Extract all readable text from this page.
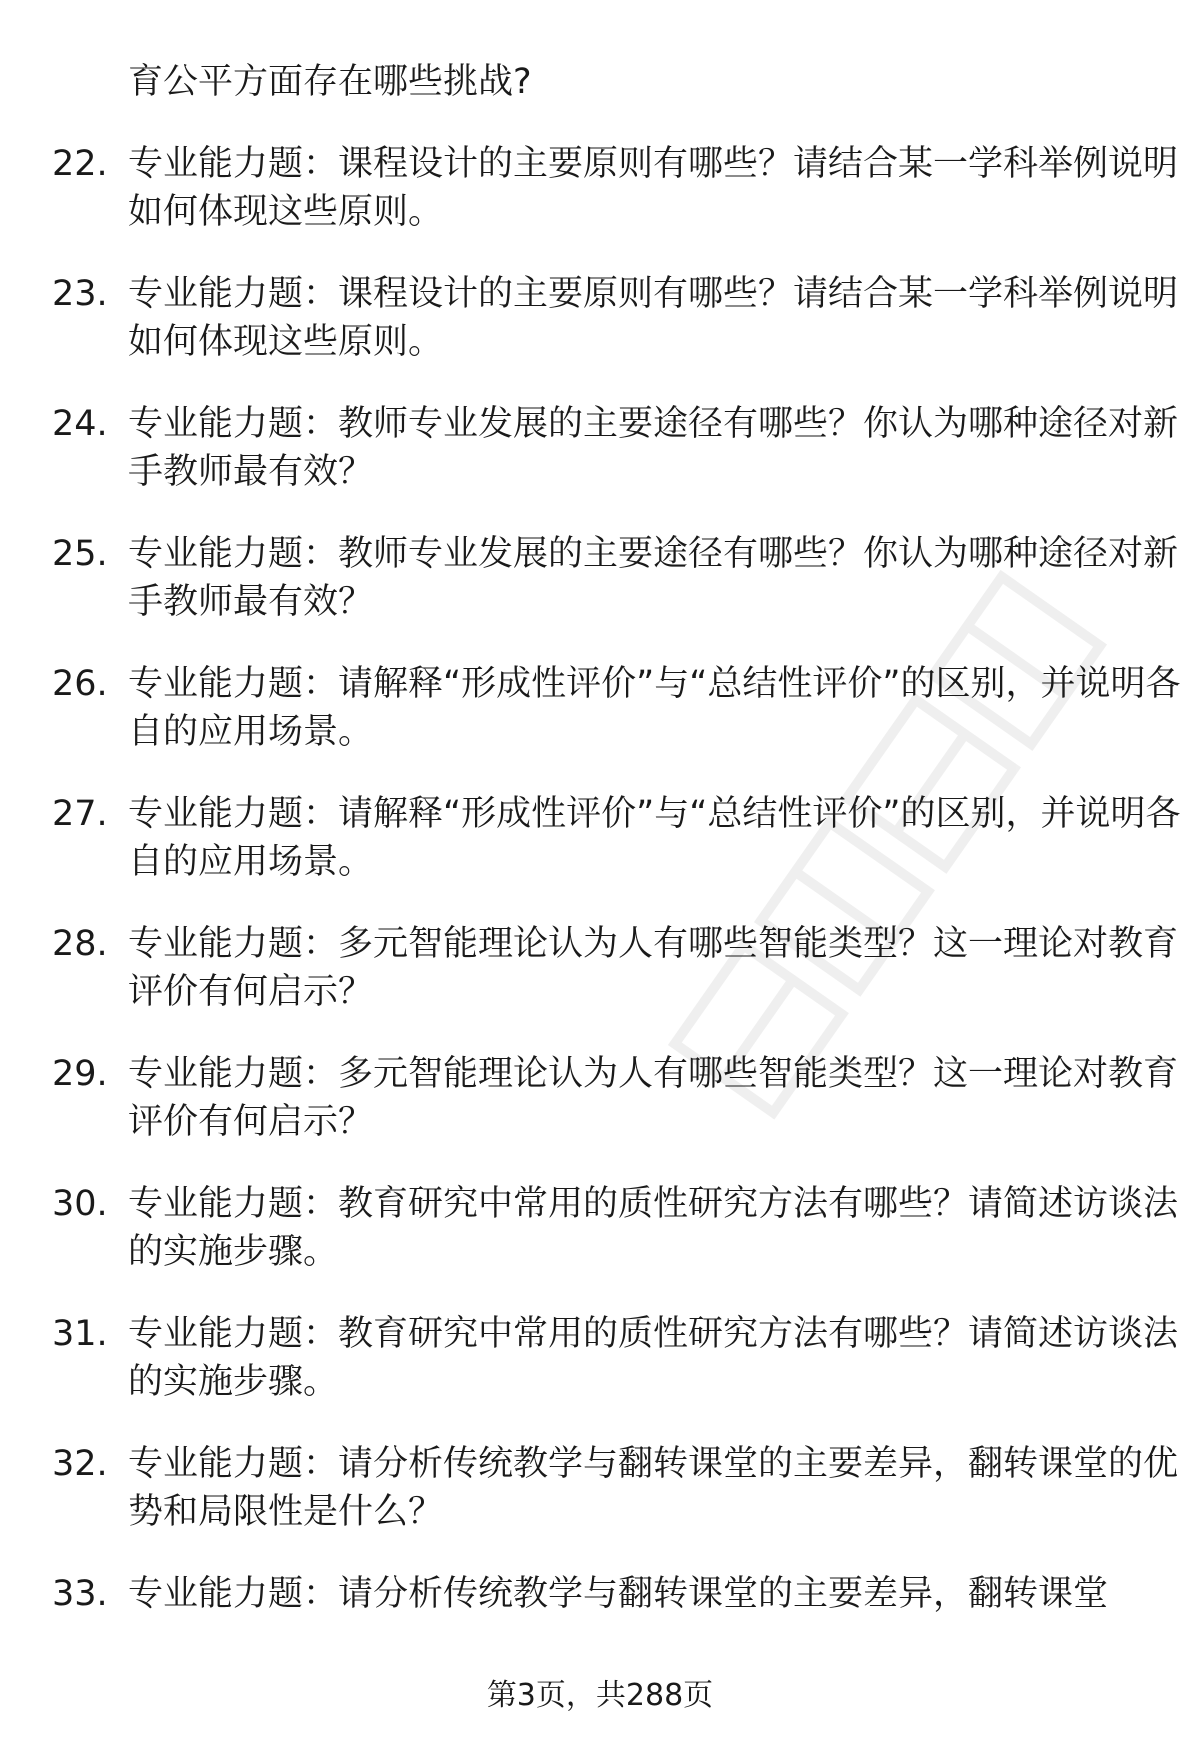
育公平方面存在哪些挑战?
22. 专业能力题：课程设计的主要原则有哪些？请结合某一学科举例说明如何体现这些原则。
23. 专业能力题：课程设计的主要原则有哪些？请结合某一学科举例说明如何体现这些原则。
24. 专业能力题：教师专业发展的主要途径有哪些？你认为哪种途径对新手教师最有效？
25. 专业能力题：教师专业发展的主要途径有哪些？你认为哪种途径对新手教师最有效？
26. 专业能力题：请解释“形成性评价”与“总结性评价”的区别，并说明各自的应用场景。
27. 专业能力题：请解释“形成性评价”与“总结性评价”的区别，并说明各自的应用场景。
28. 专业能力题：多元智能理论认为人有哪些智能类型？这一理论对教育评价有何启示？
29. 专业能力题：多元智能理论认为人有哪些智能类型？这一理论对教育评价有何启示？
30. 专业能力题：教育研究中常用的质性研究方法有哪些？请简述访谈法的实施步骤。
31. 专业能力题：教育研究中常用的质性研究方法有哪些？请简述访谈法的实施步骤。
32. 专业能力题：请分析传统教学与翻转课堂的主要差异，翻转课堂的优势和局限性是什么？
33. 专业能力题：请分析传统教学与翻转课堂的主要差异，翻转课堂
第3页，共288页
